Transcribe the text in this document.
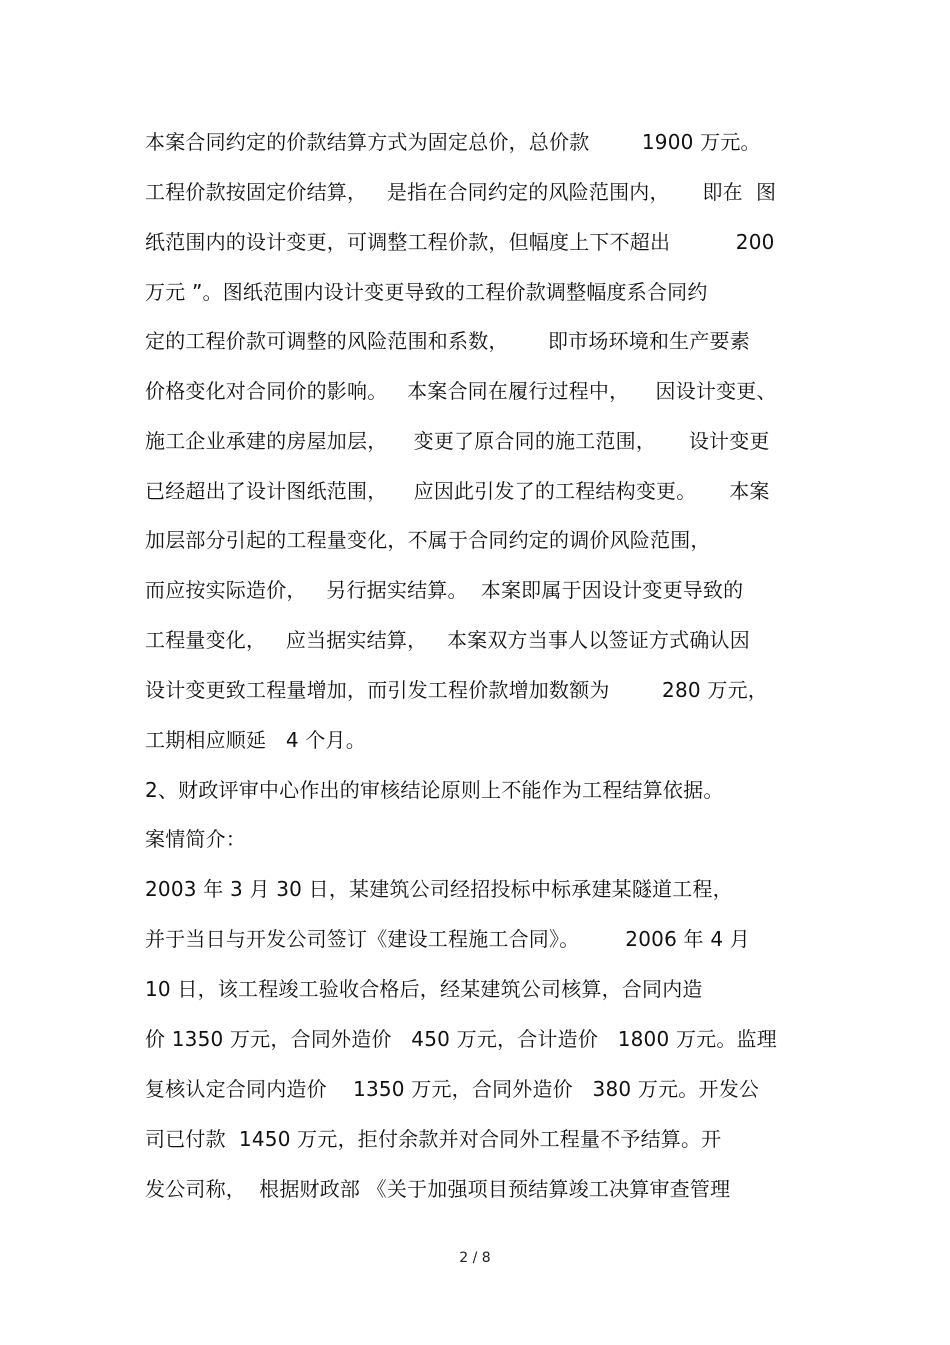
本案合同约定的价款结算方式为固定总价，总价款        1900 万元。
工程价款按固定价结算，   是指在合同约定的风险范围内，     即在  图
纸范围内的设计变更，可调整工程价款，但幅度上下不超出          200
万元 ”。图纸范围内设计变更导致的工程价款调整幅度系合同约
定的工程价款可调整的风险范围和系数，      即市场环境和生产要素
价格变化对合同价的影响。   本案合同在履行过程中，    因设计变更、
施工企业承建的房屋加层，    变更了原合同的施工范围，     设计变更
已经超出了设计图纸范围，    应因此引发了的工程结构变更。     本案
加层部分引起的工程量变化，不属于合同约定的调价风险范围，
而应按实际造价，   另行据实结算。  本案即属于因设计变更导致的
工程量变化，   应当据实结算，   本案双方当事人以签证方式确认因
设计变更致工程量增加，而引发工程价款增加数额为        280 万元，
工期相应顺延   4 个月。
2、财政评审中心作出的审核结论原则上不能作为工程结算依据。
案情简介：
2003 年 3 月 30 日，某建筑公司经招投标中标承建某隧道工程，
并于当日与开发公司签订《建设工程施工合同》。       2006 年 4 月
10 日，该工程竣工验收合格后，经某建筑公司核算，合同内造
价 1350 万元，合同外造价   450 万元，合计造价   1800 万元。监理
复核认定合同内造价    1350 万元，合同外造价   380 万元。开发公
司已付款  1450 万元，拒付余款并对合同外工程量不予结算。开
发公司称，  根据财政部 《关于加强项目预结算竣工决算审查管理
2 / 8
